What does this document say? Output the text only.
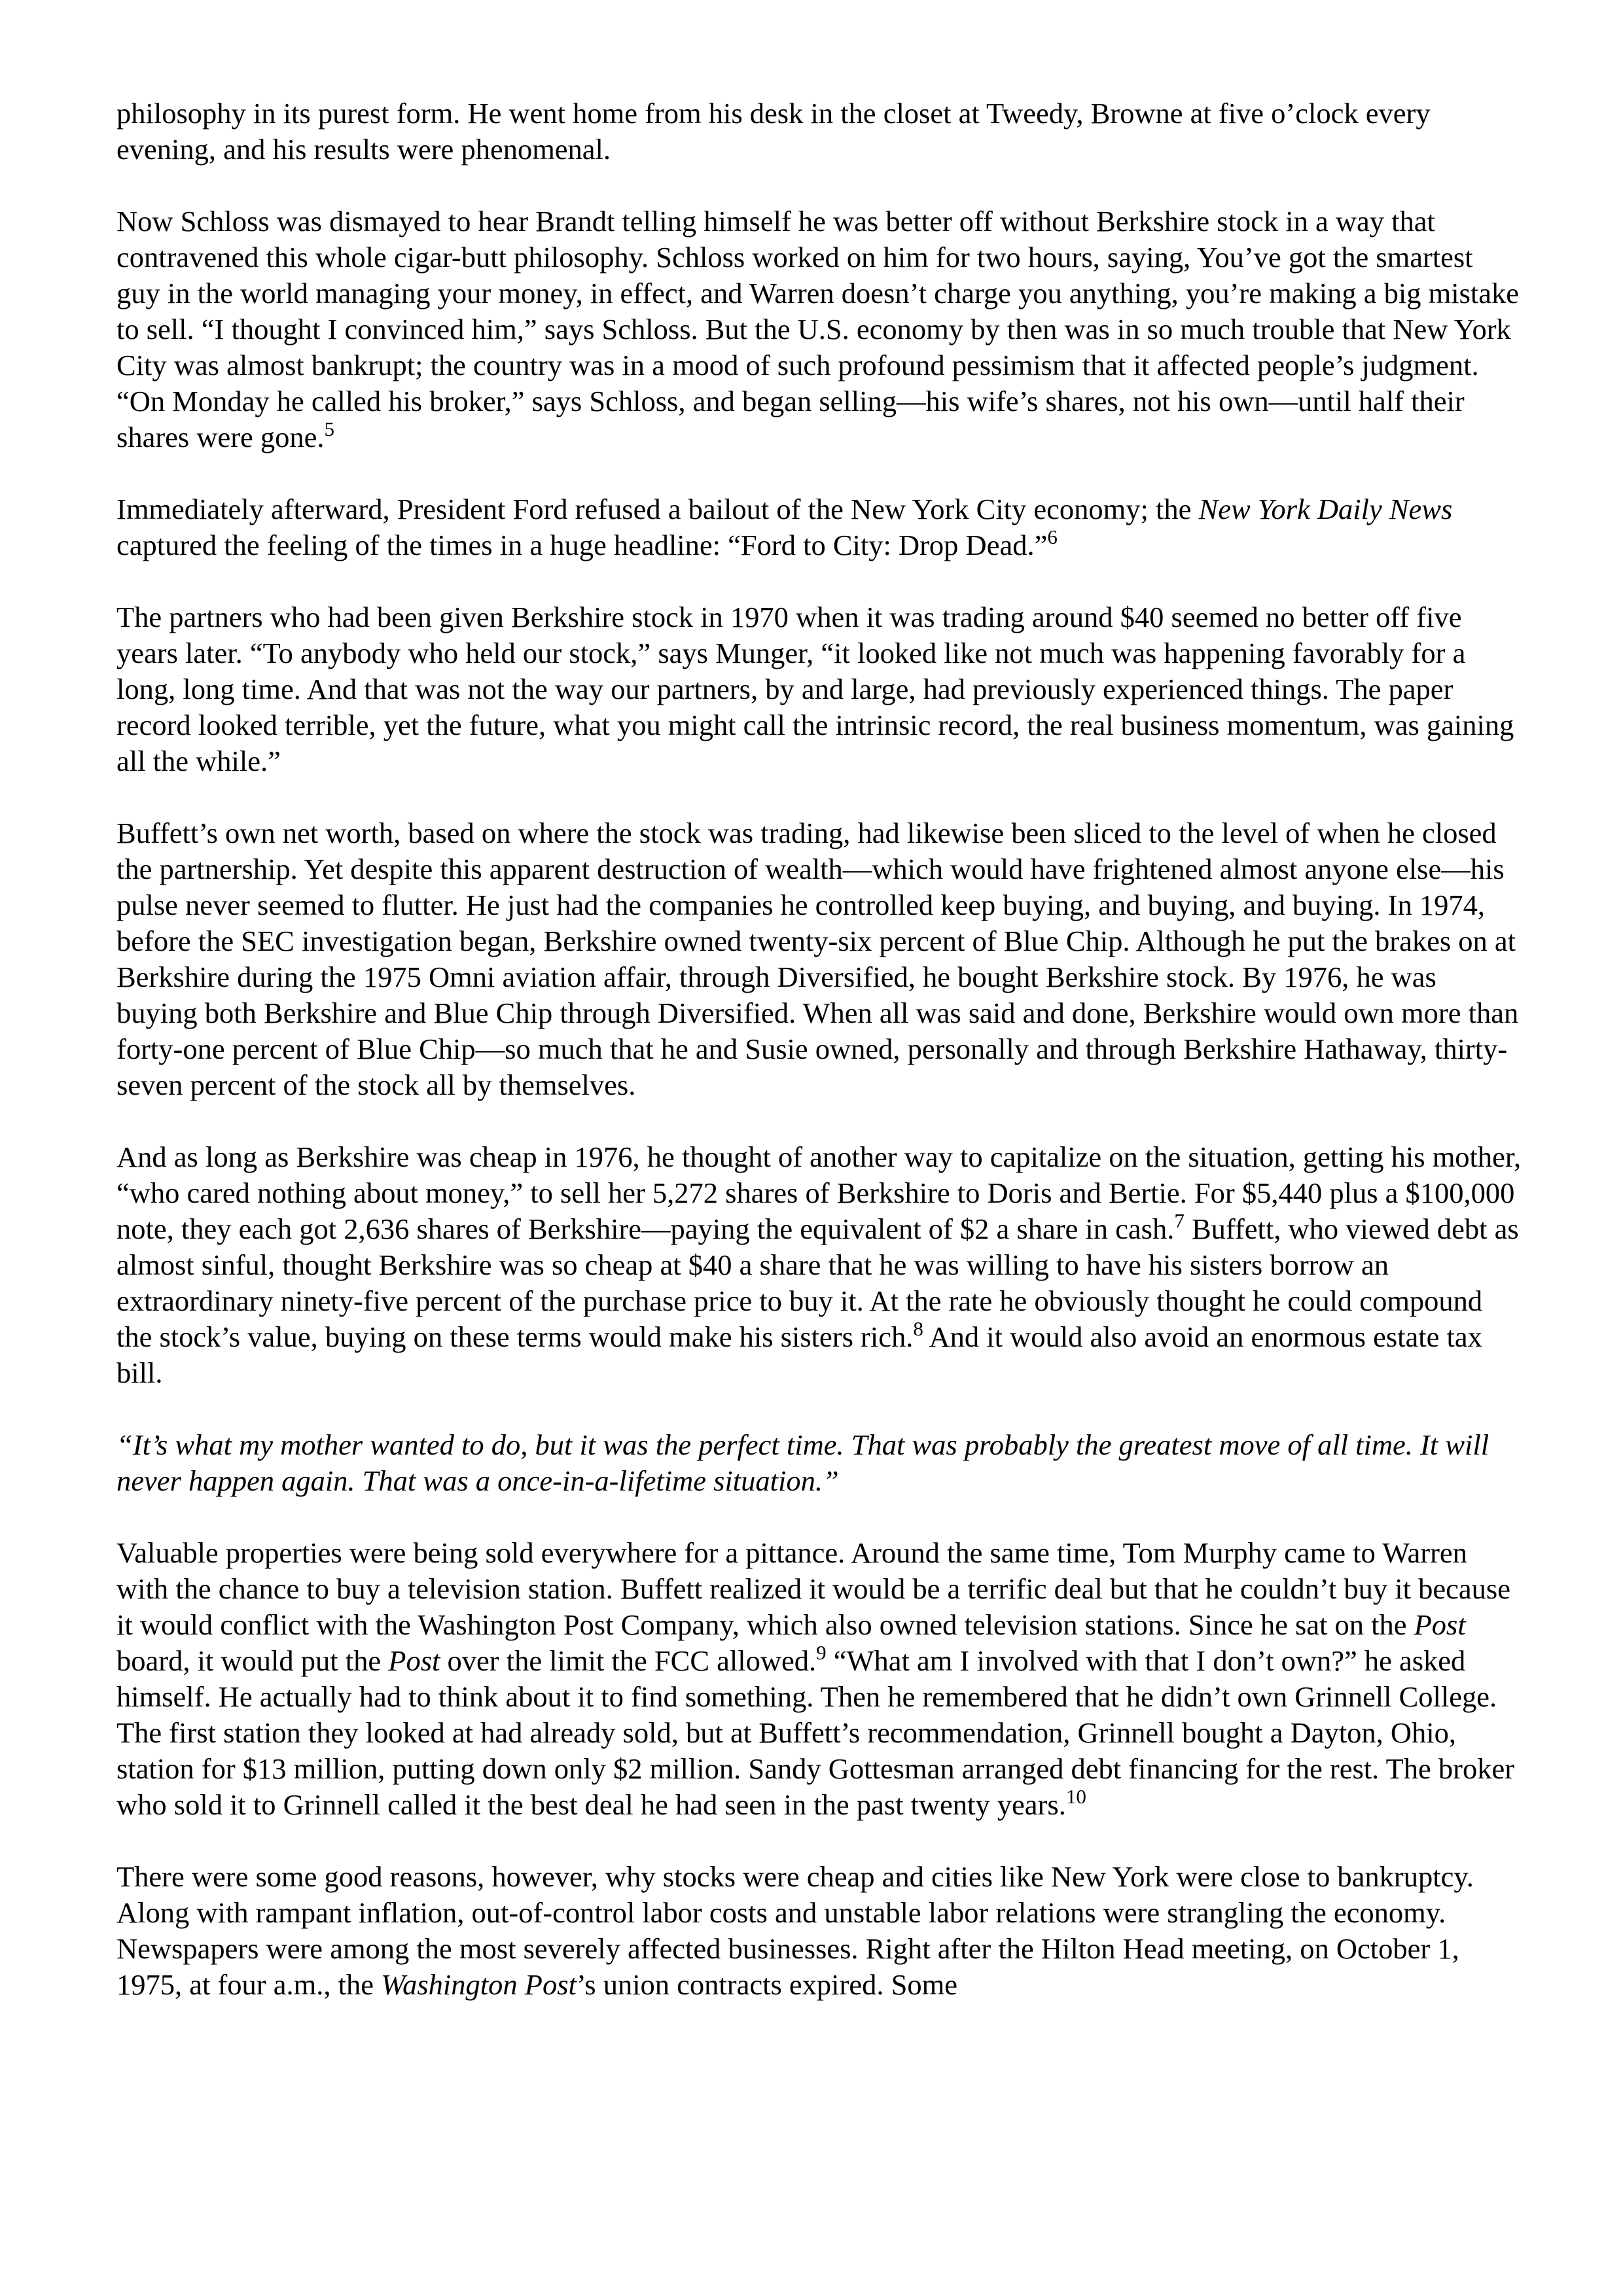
philosophy in its purest form. He went home from his desk in the closet at Tweedy, Browne at five o’clock every evening, and his results were phenomenal.

Now Schloss was dismayed to hear Brandt telling himself he was better off without Berkshire stock in a way that contravened this whole cigar-butt philosophy. Schloss worked on him for two hours, saying, You’ve got the smartest guy in the world managing your money, in effect, and Warren doesn’t charge you anything, you’re making a big mistake to sell. “I thought I convinced him,” says Schloss. But the U.S. economy by then was in so much trouble that New York City was almost bankrupt; the country was in a mood of such profound pessimism that it affected people’s judgment. “On Monday he called his broker,” says Schloss, and began selling—his wife’s shares, not his own—until half their shares were gone.$^5$

Immediately afterward, President Ford refused a bailout of the New York City economy; the New York Daily News captured the feeling of the times in a huge headline: “Ford to City: Drop Dead.”$^6$

The partners who had been given Berkshire stock in 1970 when it was trading around $40 seemed no better off five years later. “To anybody who held our stock,” says Munger, “it looked like not much was happening favorably for a long, long time. And that was not the way our partners, by and large, had previously experienced things. The paper record looked terrible, yet the future, what you might call the intrinsic record, the real business momentum, was gaining all the while.”

Buffett’s own net worth, based on where the stock was trading, had likewise been sliced to the level of when he closed the partnership. Yet despite this apparent destruction of wealth—which would have frightened almost anyone else—his pulse never seemed to flutter. He just had the companies he controlled keep buying, and buying, and buying. In 1974, before the SEC investigation began, Berkshire owned twenty-six percent of Blue Chip. Although he put the brakes on at Berkshire during the 1975 Omni aviation affair, through Diversified, he bought Berkshire stock. By 1976, he was buying both Berkshire and Blue Chip through Diversified. When all was said and done, Berkshire would own more than forty-one percent of Blue Chip—so much that he and Susie owned, personally and through Berkshire Hathaway, thirty-seven percent of the stock all by themselves.

And as long as Berkshire was cheap in 1976, he thought of another way to capitalize on the situation, getting his mother, “who cared nothing about money,” to sell her 5,272 shares of Berkshire to Doris and Bertie. For $5,440 plus a $100,000 note, they each got 2,636 shares of Berkshire—paying the equivalent of $2 a share in cash.$^7$ Buffett, who viewed debt as almost sinful, thought Berkshire was so cheap at $40 a share that he was willing to have his sisters borrow an extraordinary ninety-five percent of the purchase price to buy it. At the rate he obviously thought he could compound the stock’s value, buying on these terms would make his sisters rich.$^8$ And it would also avoid an enormous estate tax bill.

“It’s what my mother wanted to do, but it was the perfect time. That was probably the greatest move of all time. It will never happen again. That was a once-in-a-lifetime situation.”

Valuable properties were being sold everywhere for a pittance. Around the same time, Tom Murphy came to Warren with the chance to buy a television station. Buffett realized it would be a terrific deal but that he couldn’t buy it because it would conflict with the Washington Post Company, which also owned television stations. Since he sat on the Post board, it would put the Post over the limit the FCC allowed.$^9$ “What am I involved with that I don’t own?” he asked himself. He actually had to think about it to find something. Then he remembered that he didn’t own Grinnell College. The first station they looked at had already sold, but at Buffett’s recommendation, Grinnell bought a Dayton, Ohio, station for $13 million, putting down only $2 million. Sandy Gottesman arranged debt financing for the rest. The broker who sold it to Grinnell called it the best deal he had seen in the past twenty years.$^{10}$

There were some good reasons, however, why stocks were cheap and cities like New York were close to bankruptcy. Along with rampant inflation, out-of-control labor costs and unstable labor relations were strangling the economy. Newspapers were among the most severely affected businesses. Right after the Hilton Head meeting, on October 1, 1975, at four a.m., the Washington Post’s union contracts expired. Some
